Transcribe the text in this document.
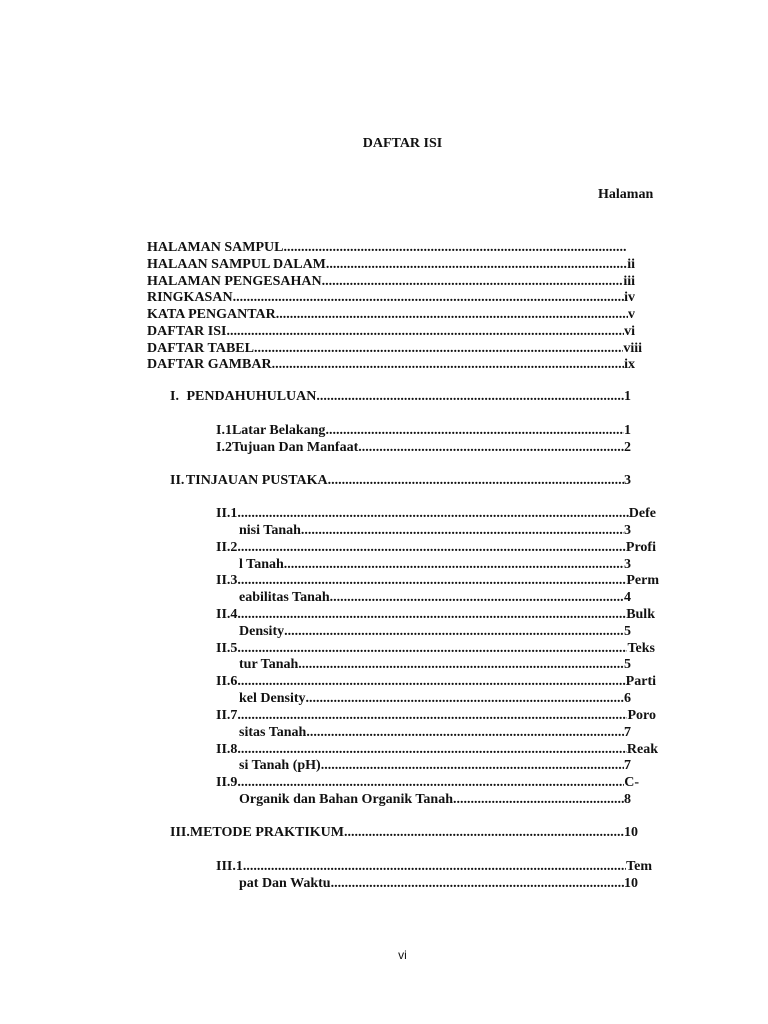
DAFTAR ISI
Halaman
HALAMAN SAMPUL
.....
HALAAN SAMPUL DALAM .....	ii
HALAMAN PENGESAHAN .....	iii
RINGKASAN .....	iv
KATA PENGANTAR .....	v
DAFTAR ISI .....	vi
DAFTAR TABEL .....	viii
DAFTAR GAMBAR .....	ix
I. PENDAHUHULUAN .....	1
I.1 Latar Belakang .....	1
I.2 Tujuan Dan Manfaat .....	2
II. TINJAUAN PUSTAKA .....	3
II.1 .....	Defe
nisi Tanah .....	3
II.2 .....	Profi
l Tanah .....	3
II.3 .....	Perm
eabilitas Tanah .....	4
II.4 .....	Bulk
Density .....	5
II.5 .....	Teks
tur Tanah .....	5
II.6 .....	Parti
kel Density .....	6
II.7 .....	Poro
sitas Tanah .....	7
II.8 .....	Reak
si Tanah (pH) .....	7
II.9 .....	C-
Organik dan Bahan Organik Tanah .....	8
III. METODE PRAKTIKUM .....	10
III.1 .....	Tem
pat Dan Waktu .....	10
vi
